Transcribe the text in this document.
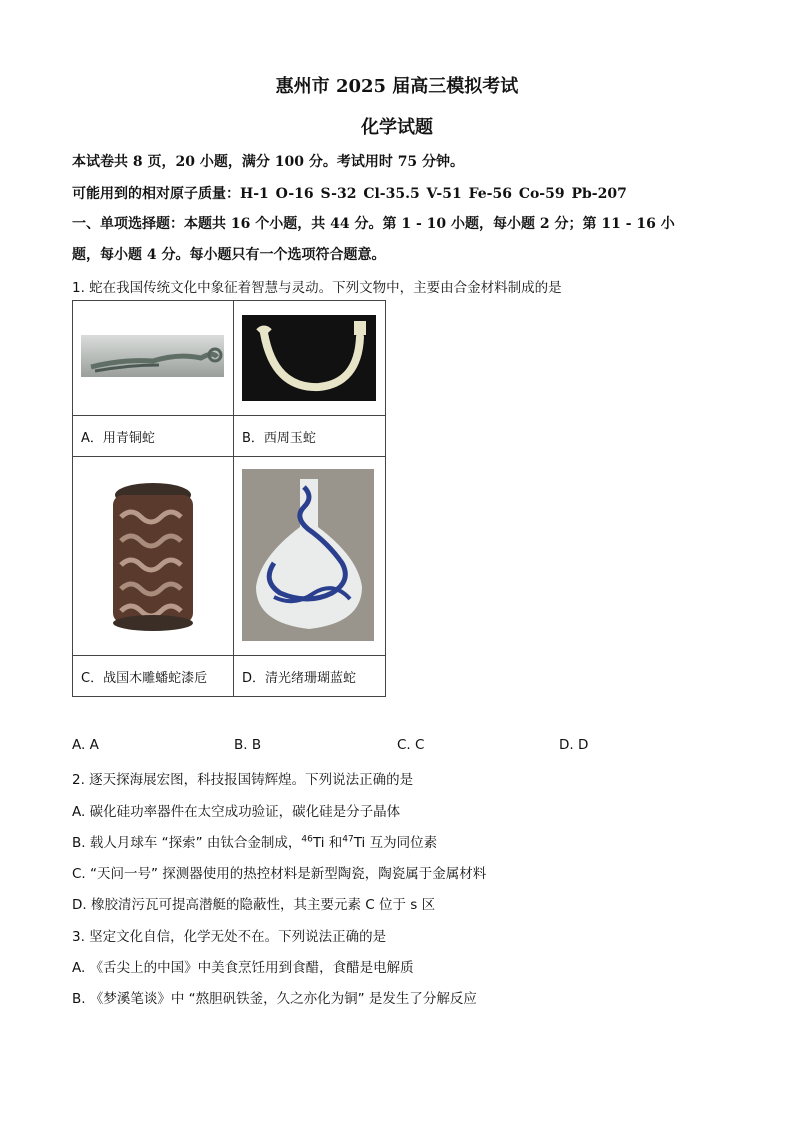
惠州市 2025 届高三模拟考试
化学试题
本试卷共 8 页，20 小题，满分 100 分。考试用时 75 分钟。
可能用到的相对原子质量：H-1 O-16 S-32 Cl-35.5 V-51 Fe-56 Co-59 Pb-207
一、单项选择题：本题共 16 个小题，共 44 分。第 1 - 10 小题，每小题 2 分；第 11 - 16 小
题，每小题 4 分。每小题只有一个选项符合题意。
1. 蛇在我国传统文化中象征着智慧与灵动。下列文物中，主要由合金材料制成的是

A．用青铜蛇	B．西周玉蛇

C．战国木雕蟠蛇漆卮	D．清光绪珊瑚蓝蛇
A. A	B. B	C. C	D. D
2. 逐天探海展宏图，科技报国铸辉煌。下列说法正确的是
A. 碳化硅功率器件在太空成功验证，碳化硅是分子晶体
B. 载人月球车 “探索” 由钛合金制成，$^{46}$Ti 和$^{47}$Ti 互为同位素
C. “天问一号” 探测器使用的热控材料是新型陶瓷，陶瓷属于金属材料
D. 橡胶清污瓦可提高潜艇的隐蔽性，其主要元素 C 位于 s 区
3. 坚定文化自信，化学无处不在。下列说法正确的是
A. 《舌尖上的中国》中美食烹饪用到食醋，食醋是电解质
B. 《梦溪笔谈》中 “熬胆矾铁釜，久之亦化为铜” 是发生了分解反应
